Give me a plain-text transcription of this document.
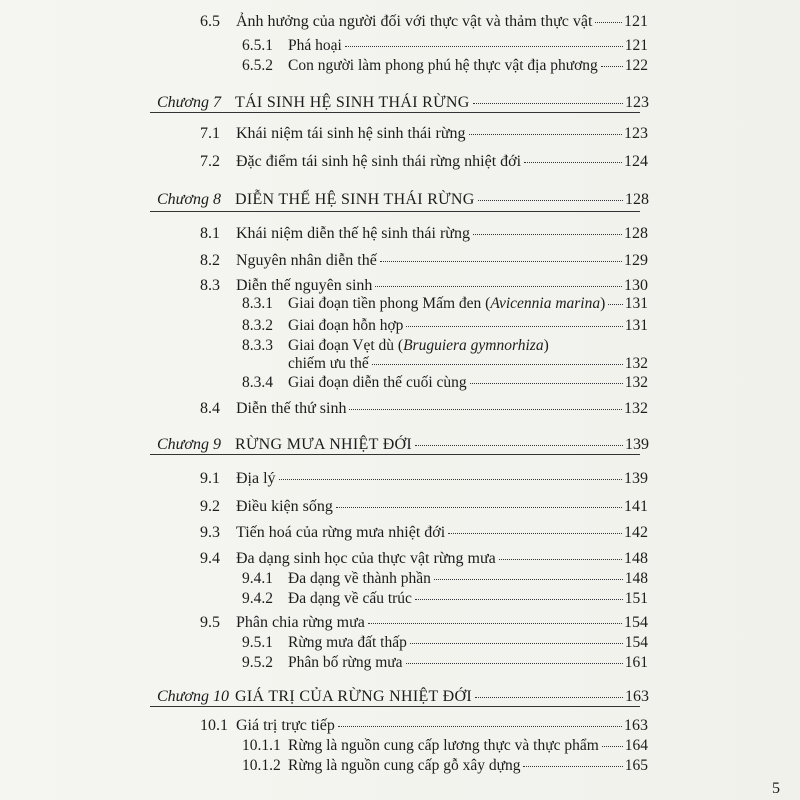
6.5	Ảnh hưởng của người đối với thực vật và thảm thực vật 121
6.5.1 Phá hoại	121
6.5.2 Con người làm phong phú hệ thực vật địa phương 122
Chương 7 TÁI SINH HỆ SINH THÁI RỪNG	123
7.1	Khái niệm tái sinh hệ sinh thái rừng	123
7.2	Đặc điểm tái sinh hệ sinh thái rừng nhiệt đới	124
Chương 8 DIỄN THẾ HỆ SINH THÁI RỪNG	128
8.1	Khái niệm diễn thế hệ sinh thái rừng	128
8.2	Nguyên nhân diễn thế	129
8.3	Diễn thế nguyên sinh	130
8.3.1 Giai đoạn tiền phong Mấm đen (Avicennia marina) 131
8.3.2 Giai đoạn hỗn hợp	131
8.3.3 Giai đoạn Vẹt dù (Bruguiera gymnorhiza)
chiếm ưu thế	132
8.3.4 Giai đoạn diễn thế cuối cùng	132
8.4	Diễn thế thứ sinh	132
Chương 9 RỪNG MƯA NHIỆT ĐỚI	139
9.1	Địa lý	139
9.2	Điều kiện sống	141
9.3	Tiến hoá của rừng mưa nhiệt đới	142
9.4	Đa dạng sinh học của thực vật rừng mưa	148
9.4.1 Đa dạng về thành phần	148
9.4.2 Đa dạng về cấu trúc	151
9.5	Phân chia rừng mưa	154
9.5.1 Rừng mưa đất thấp	154
9.5.2 Phân bố rừng mưa	161
Chương 10 GIÁ TRỊ CỦA RỪNG NHIỆT ĐỚI	163
10.1 Giá trị trực tiếp	163
10.1.1 Rừng là nguồn cung cấp lương thực và thực phẩm 164
10.1.2 Rừng là nguồn cung cấp gỗ xây dựng	165
5
